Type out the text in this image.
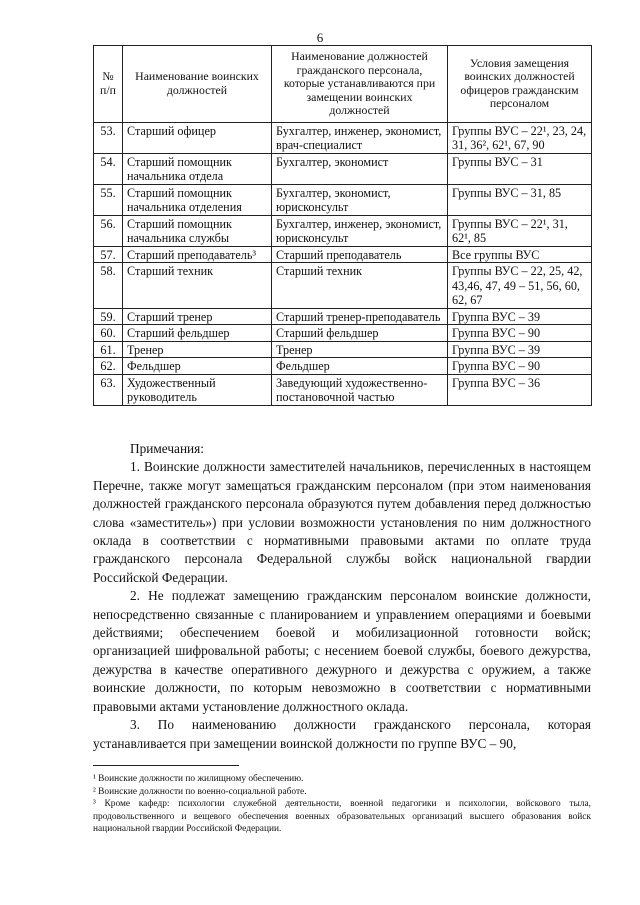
6
№ п/п	Наименование воинских должностей	Наименование должностей гражданского персонала, которые устанавливаются при замещении воинских должностей	Условия замещения воинских должностей офицеров гражданским персоналом
53.	Старший офицер	Бухгалтер, инженер, экономист, врач-специалист	Группы ВУС – 22¹, 23, 24, 31, 36², 62¹, 67, 90
54.	Старший помощник начальника отдела	Бухгалтер, экономист	Группы ВУС – 31
55.	Старший помощник начальника отделения	Бухгалтер, экономист, юрисконсульт	Группы ВУС – 31, 85
56.	Старший помощник начальника службы	Бухгалтер, инженер, экономист, юрисконсульт	Группы ВУС – 22¹, 31, 62¹, 85
57.	Старший преподаватель³	Старший преподаватель	Все группы ВУС
58.	Старший техник	Старший техник	Группы ВУС – 22, 25, 42, 43,46, 47, 49 – 51, 56, 60, 62, 67
59.	Старший тренер	Старший тренер-преподаватель	Группа ВУС – 39
60.	Старший фельдшер	Старший фельдшер	Группа ВУС – 90
61.	Тренер	Тренер	Группа ВУС – 39
62.	Фельдшер	Фельдшер	Группа ВУС – 90
63.	Художественный руководитель	Заведующий художественно-постановочной частью	Группа ВУС – 36
Примечания:

1. Воинские должности заместителей начальников, перечисленных в настоящем Перечне, также могут замещаться гражданским персоналом (при этом наименования должностей гражданского персонала образуются путем добавления перед должностью слова «заместитель») при условии возможности установления по ним должностного оклада в соответствии с нормативными правовыми актами по оплате труда гражданского персонала Федеральной службы войск национальной гвардии Российской Федерации.

2. Не подлежат замещению гражданским персоналом воинские должности, непосредственно связанные с планированием и управлением операциями и боевыми действиями; обеспечением боевой и мобилизационной готовности войск; организацией шифровальной работы; с несением боевой службы, боевого дежурства, дежурства в качестве оперативного дежурного и дежурства с оружием, а также воинские должности, по которым невозможно в соответствии с нормативными правовыми актами установление должностного оклада.

3. По наименованию должности гражданского персонала, которая устанавливается при замещении воинской должности по группе ВУС – 90,

¹ Воинские должности по жилищному обеспечению.
² Воинские должности по военно-социальной работе.
³ Кроме кафедр: психологии служебной деятельности, военной педагогики и психологии, войскового тыла, продовольственного и вещевого обеспечения военных образовательных организаций высшего образования войск национальной гвардии Российской Федерации.
